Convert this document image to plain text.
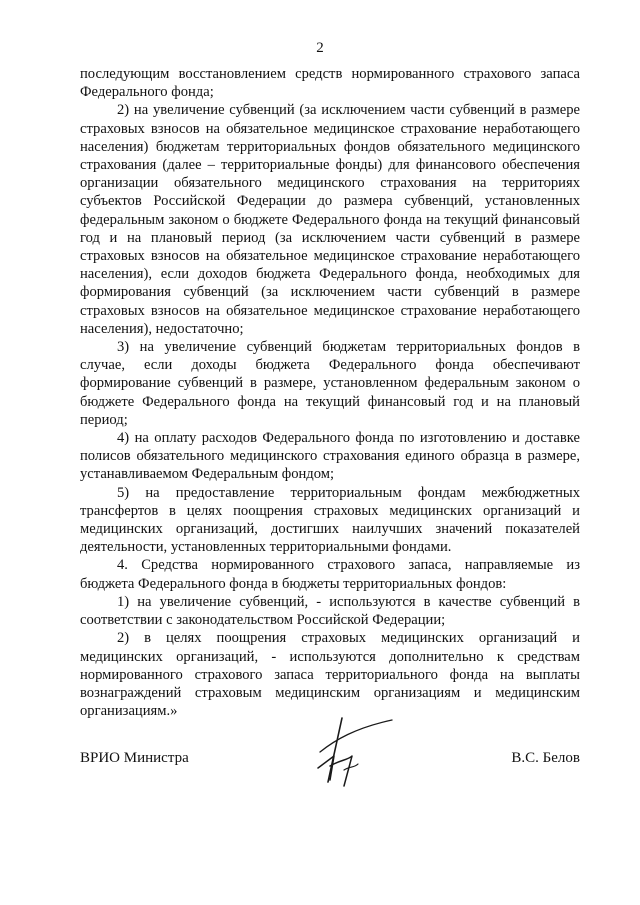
2

последующим восстановлением средств нормированного страхового запаса Федерального фонда;

2) на увеличение субвенций (за исключением части субвенций в размере страховых взносов на обязательное медицинское страхование неработающего населения) бюджетам территориальных фондов обязательного медицинского страхования (далее – территориальные фонды) для финансового обеспечения организации обязательного медицинского страхования на территориях субъектов Российской Федерации до размера субвенций, установленных федеральным законом о бюджете Федерального фонда на текущий финансовый год и на плановый период (за исключением части субвенций в размере страховых взносов на обязательное медицинское страхование неработающего населения), если доходов бюджета Федерального фонда, необходимых для формирования субвенций (за исключением части субвенций в размере страховых взносов на обязательное медицинское страхование неработающего населения), недостаточно;

3) на увеличение субвенций бюджетам территориальных фондов в случае, если доходы бюджета Федерального фонда обеспечивают формирование субвенций в размере, установленном федеральным законом о бюджете Федерального фонда на текущий финансовый год и на плановый период;

4) на оплату расходов Федерального фонда по изготовлению и доставке полисов обязательного медицинского страхования единого образца в размере, устанавливаемом Федеральным фондом;

5) на предоставление территориальным фондам межбюджетных трансфертов в целях поощрения страховых медицинских организаций и медицинских организаций, достигших наилучших значений показателей деятельности, установленных территориальными фондами.

4. Средства нормированного страхового запаса, направляемые из бюджета Федерального фонда в бюджеты территориальных фондов:

1) на увеличение субвенций, - используются в качестве субвенций в соответствии с законодательством Российской Федерации;

2) в целях поощрения страховых медицинских организаций и медицинских организаций, - используются дополнительно к средствам нормированного страхового запаса территориального фонда на выплаты вознаграждений страховым медицинским организациям и медицинским организациям.»

ВРИО Министра	В.С. Белов
